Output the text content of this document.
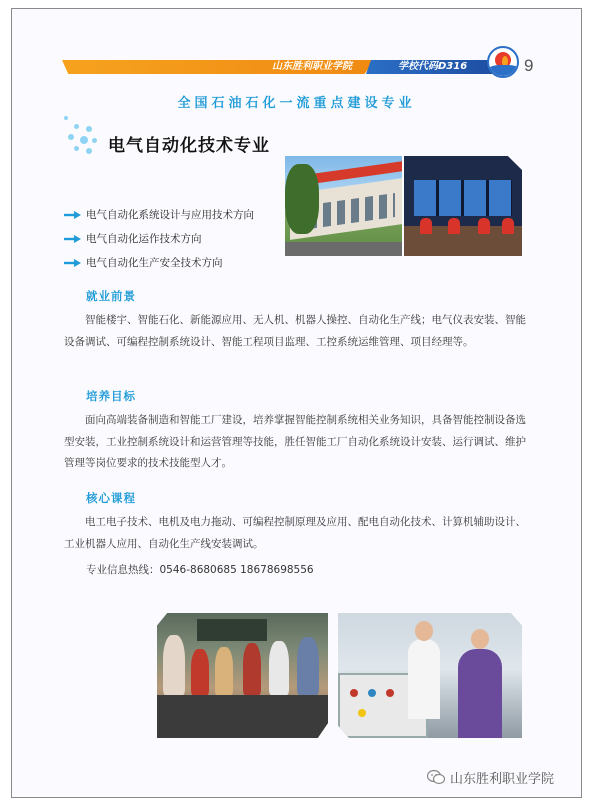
山东胜利职业学院	学校代码D316	9
全国石油石化一流重点建设专业
电气自动化技术专业
电气自动化系统设计与应用技术方向
电气自动化运作技术方向
电气自动化生产安全技术方向
就业前景

智能楼宇、智能石化、新能源应用、无人机、机器人操控、自动化生产线；电气仪表安装、智能设备调试、可编程控制系统设计、智能工程项目监理、工控系统运维管理、项目经理等。

培养目标

面向高端装备制造和智能工厂建设，培养掌握智能控制系统相关业务知识，具备智能控制设备选型安装，工业控制系统设计和运营管理等技能，胜任智能工厂自动化系统设计安装、运行调试、维护管理等岗位要求的技术技能型人才。

核心课程

电工电子技术、电机及电力拖动、可编程控制原理及应用、配电自动化技术、计算机辅助设计、工业机器人应用、自动化生产线安装调试。

专业信息热线：0546-8680685 18678698556
山东胜利职业学院
